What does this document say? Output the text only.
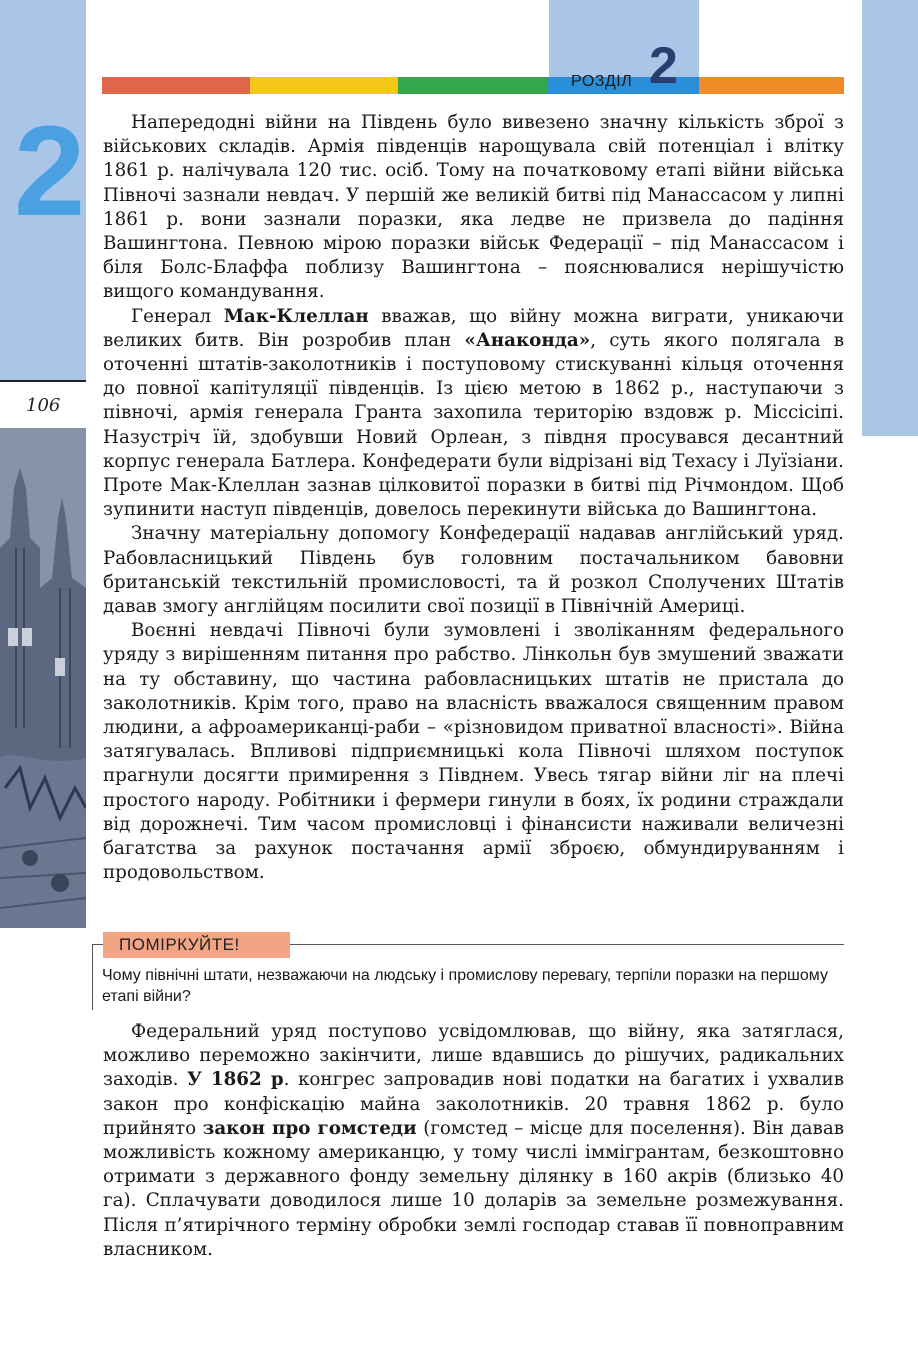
2
106
РОЗДІЛ 2

Напередодні війни на Південь було вивезено значну кількість зброї з військових складів. Армія південців нарощувала свій потенціал і влітку 1861 р. налічувала 120 тис. осіб. Тому на початковому етапі війни війська Півночі зазнали невдач. У першій же великій битві під Манассасом у липні 1861 р. вони зазнали поразки, яка ледве не призвела до падіння Вашингтона. Певною мірою поразки військ Федерації – під Манассасом і біля Болс-Блаффа поблизу Вашингтона – пояснювалися нерішучістю вищого командування.

Генерал Мак-Клеллан вважав, що війну можна виграти, уникаючи великих битв. Він розробив план «Анаконда», суть якого полягала в оточенні штатів-заколотників і поступовому стискуванні кільця оточення до повної капітуляції південців. Із цією метою в 1862 р., наступаючи з півночі, армія генерала Гранта захопила територію вздовж р. Міссісіпі. Назустріч їй, здобувши Новий Орлеан, з півдня просувався десантний корпус генерала Батлера. Конфедерати були відрізані від Техасу і Луїзіани. Проте Мак-Клеллан зазнав цілковитої поразки в битві під Річмондом. Щоб зупинити наступ південців, довелось перекинути війська до Вашингтона.

Значну матеріальну допомогу Конфедерації надавав англійський уряд. Рабовласницький Південь був головним постачальником бавовни британській текстильній промисловості, та й розкол Сполучених Штатів давав змогу англійцям посилити свої позиції в Північній Америці.

Воєнні невдачі Півночі були зумовлені і зволіканням федерального уряду з вирішенням питання про рабство. Лінкольн був змушений зважати на ту обставину, що частина рабовласницьких штатів не пристала до заколотників. Крім того, право на власність вважалося священним правом людини, а афроамериканці-раби – «різновидом приватної власності». Війна затягувалась. Впливові підприємницькі кола Півночі шляхом поступок прагнули досягти примирення з Півднем. Увесь тягар війни ліг на плечі простого народу. Робітники і фермери гинули в боях, їх родини страждали від дорожнечі. Тим часом промисловці і фінансисти наживали величезні багатства за рахунок постачання армії зброєю, обмундируванням і продовольством.

ПОМІРКУЙТЕ!
Чому північні штати, незважаючи на людську і промислову перевагу, терпіли поразки на першому етапі війни?

Федеральний уряд поступово усвідомлював, що війну, яка затяглася, можливо переможно закінчити, лише вдавшись до рішучих, радикальних заходів. У 1862 р. конгрес запровадив нові податки на багатих і ухвалив закон про конфіскацію майна заколотників. 20 травня 1862 р. було прийнято закон про гомстеди (гомстед – місце для поселення). Він давав можливість кожному американцю, у тому числі іммігрантам, безкоштовно отримати з державного фонду земельну ділянку в 160 акрів (близько 40 га). Сплачувати доводилося лише 10 доларів за земельне розмежування. Після п’ятирічного терміну обробки землі господар ставав її повноправним власником.
